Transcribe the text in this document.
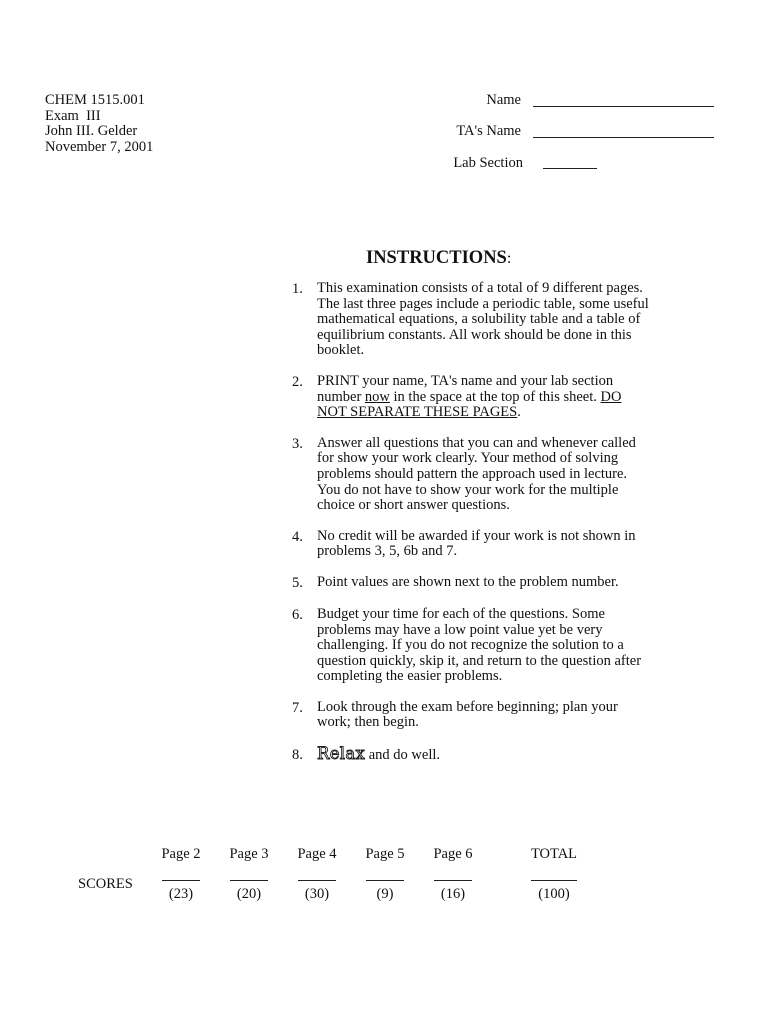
CHEM 1515.001
Exam  III
John III. Gelder
November 7, 2001
Name
TA's Name
Lab Section
INSTRUCTIONS:
1. This examination consists of a total of 9 different pages.
The last three pages include a periodic table, some useful
mathematical equations, a solubility table and a table of
equilibrium constants. All work should be done in this
booklet.
2. PRINT your name, TA's name and your lab section
number now in the space at the top of this sheet. DO
NOT SEPARATE THESE PAGES.
3. Answer all questions that you can and whenever called
for show your work clearly. Your method of solving
problems should pattern the approach used in lecture.
You do not have to show your work for the multiple
choice or short answer questions.
4. No credit will be awarded if your work is not shown in
problems 3, 5, 6b and 7.
5. Point values are shown next to the problem number.
6. Budget your time for each of the questions. Some
problems may have a low point value yet be very
challenging. If you do not recognize the solution to a
question quickly, skip it, and return to the question after
completing the easier problems.
7. Look through the exam before beginning; plan your
work; then begin.
8. Relax and do well.
SCORES
Page 2
(23)
Page 3
(20)
Page 4
(30)
Page 5
(9)
Page 6
(16)
TOTAL
(100)
